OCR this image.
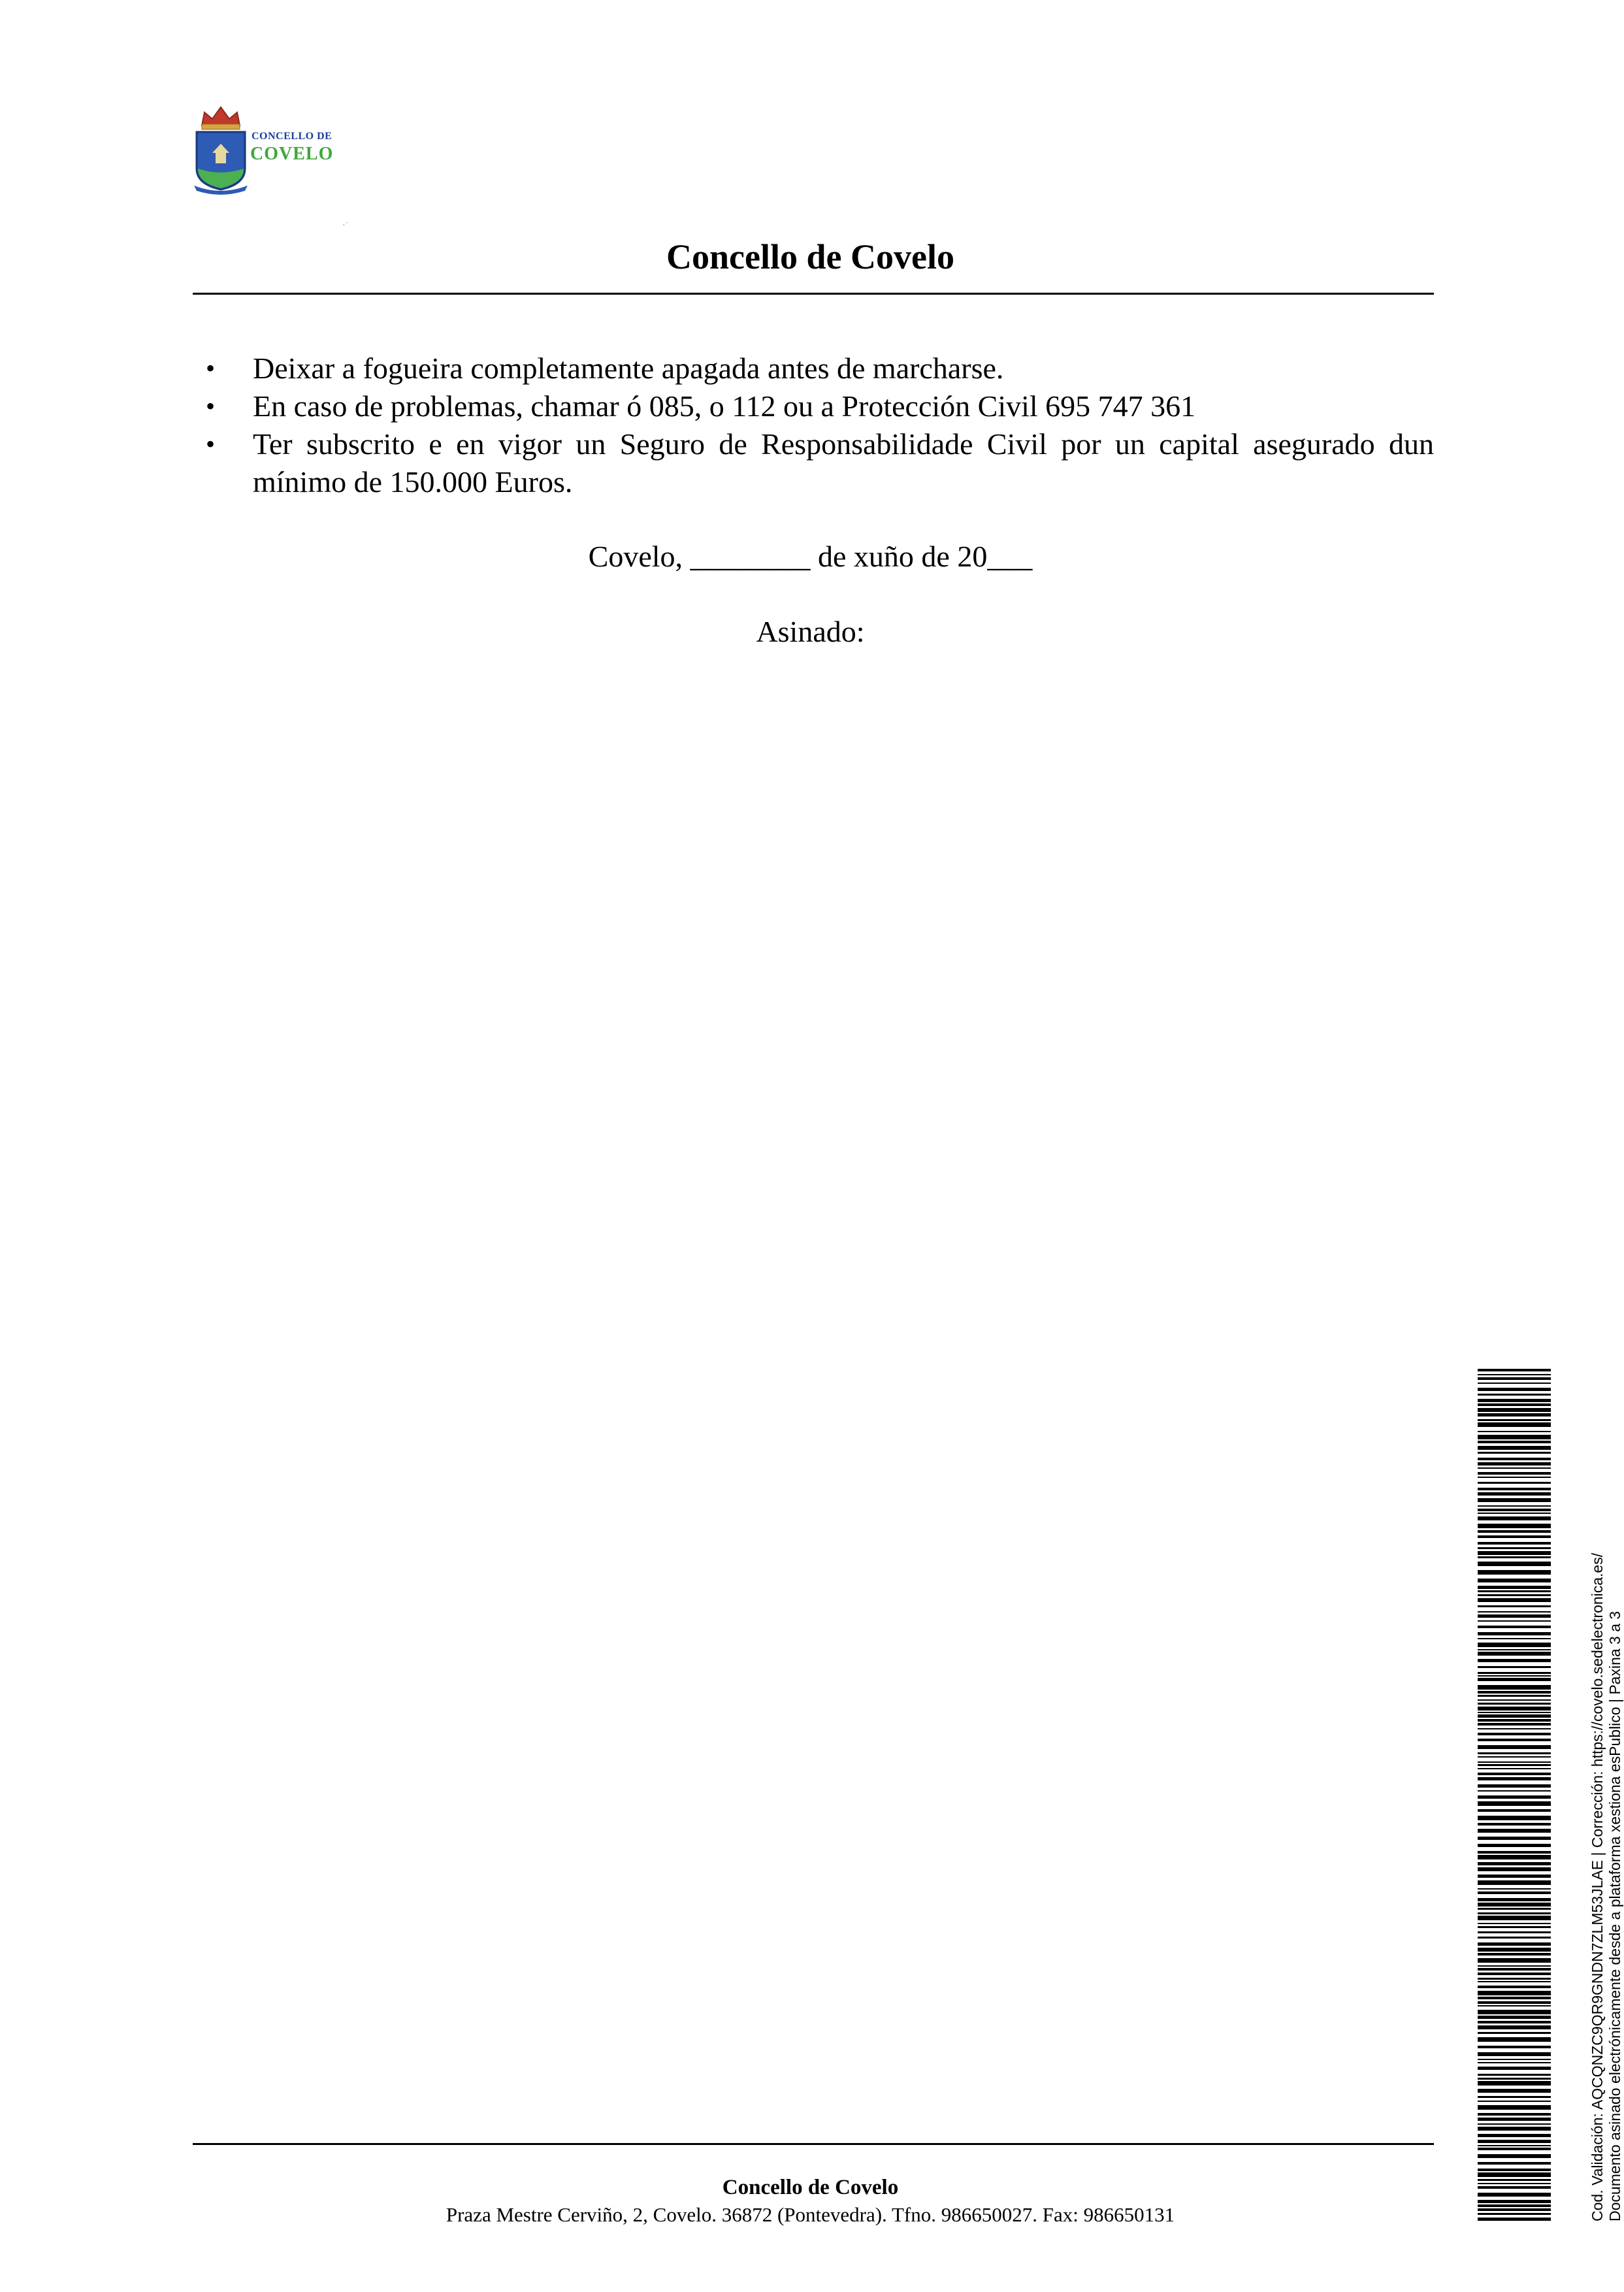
CONCELLO DE
COVELO
·˙
Concello de Covelo
• Deixar a fogueira completamente apagada antes de marcharse.
• En caso de problemas, chamar ó 085, o 112 ou a Protección Civil 695 747 361
• Ter subscrito e en vigor un Seguro de Responsabilidade Civil por un capital asegurado dun mínimo de 150.000 Euros.
Covelo, ________ de xuño de 20___
Asinado:
Concello de Covelo
Praza Mestre Cerviño, 2, Covelo. 36872 (Pontevedra). Tfno. 986650027. Fax: 986650131	Cod. Validación: AQCQNZC9QR9GNDN7ZLM53JLAE | Corrección: https://covelo.sedelectronica.es/ Documento asinado electrónicamente desde a plataforma xestiona esPublico | Paxina 3 a 3
